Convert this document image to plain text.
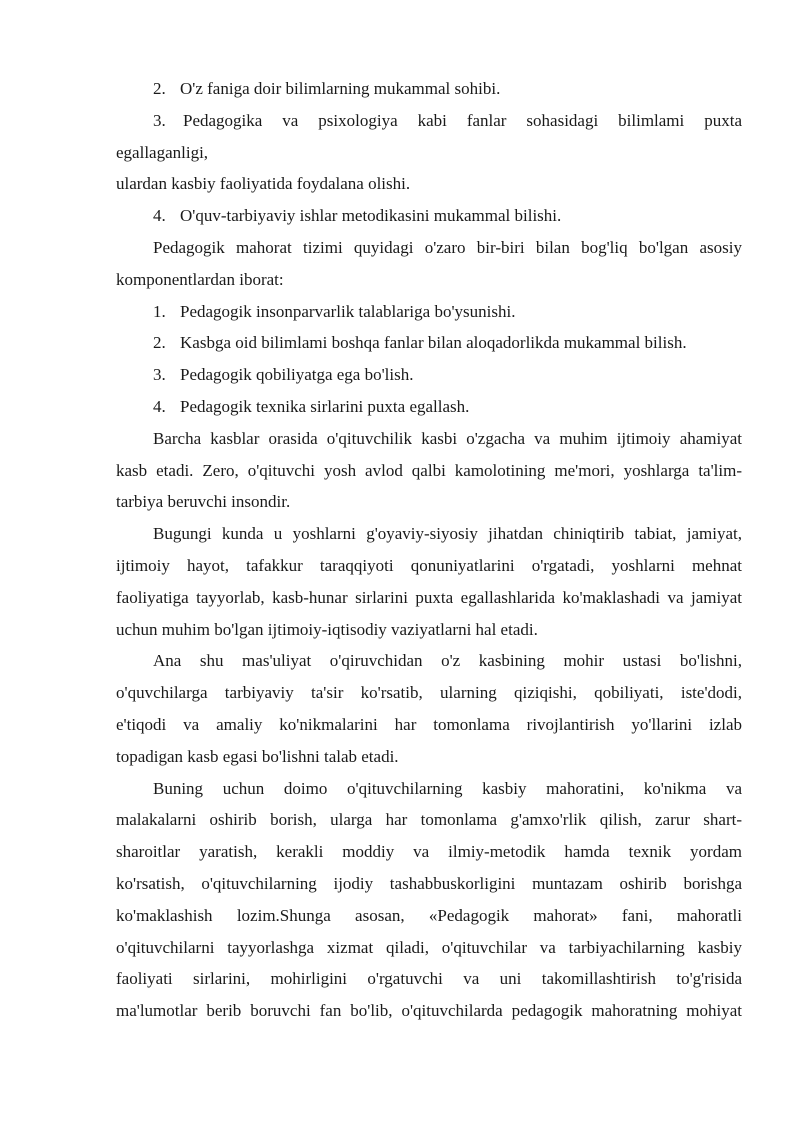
2. O'z faniga doir bilimlarning mukammal sohibi.
3. Pedagogika va psixologiya kabi fanlar sohasidagi bilimlami puxta
egallaganligi,
ulardan kasbiy faoliyatida foydalana olishi.
4. O'quv-tarbiyaviy ishlar metodikasini mukammal bilishi.
Pedagogik mahorat tizimi quyidagi o'zaro bir-biri bilan bog'liq bo'lgan asosiy
komponentlardan iborat:
1. Pedagogik insonparvarlik talablariga bo'ysunishi.
2. Kasbga oid bilimlami boshqa fanlar bilan aloqadorlikda mukammal bilish.
3. Pedagogik qobiliyatga ega bo'lish.
4. Pedagogik texnika sirlarini puxta egallash.
Barcha kasblar orasida o'qituvchilik kasbi o'zgacha va muhim ijtimoiy ahamiyat
kasb etadi. Zero, o'qituvchi yosh avlod qalbi kamolotining me'mori, yoshlarga ta'lim-
tarbiya beruvchi insondir.
Bugungi kunda u yoshlarni g'oyaviy-siyosiy jihatdan chiniqtirib tabiat, jamiyat,
ijtimoiy hayot, tafakkur taraqqiyoti qonuniyatlarini o'rgatadi, yoshlarni mehnat
faoliyatiga tayyorlab, kasb-hunar sirlarini puxta egallashlarida ko'maklashadi va jamiyat
uchun muhim bo'lgan ijtimoiy-iqtisodiy vaziyatlarni hal etadi.
Ana shu mas'uliyat o'qiruvchidan o'z kasbining mohir ustasi bo'lishni,
o'quvchilarga tarbiyaviy ta'sir ko'rsatib, ularning qiziqishi, qobiliyati, iste'dodi,
e'tiqodi va amaliy ko'nikmalarini har tomonlama rivojlantirish yo'llarini izlab
topadigan kasb egasi bo'lishni talab etadi.
Buning uchun doimo o'qituvchilarning kasbiy mahoratini, ko'nikma va
malakalarni oshirib borish, ularga har tomonlama g'amxo'rlik qilish, zarur shart-
sharoitlar yaratish, kerakli moddiy va ilmiy-metodik hamda texnik yordam
ko'rsatish, o'qituvchilarning ijodiy tashabbuskorligini muntazam oshirib borishga
ko'maklashish lozim.Shunga asosan, «Pedagogik mahorat» fani, mahoratli
o'qituvchilarni tayyorlashga xizmat qiladi, o'qituvchilar va tarbiyachilarning kasbiy
faoliyati sirlarini, mohirligini o'rgatuvchi va uni takomillashtirish to'g'risida
ma'lumotlar berib boruvchi fan bo'lib, o'qituvchilarda pedagogik mahoratning mohiyat
